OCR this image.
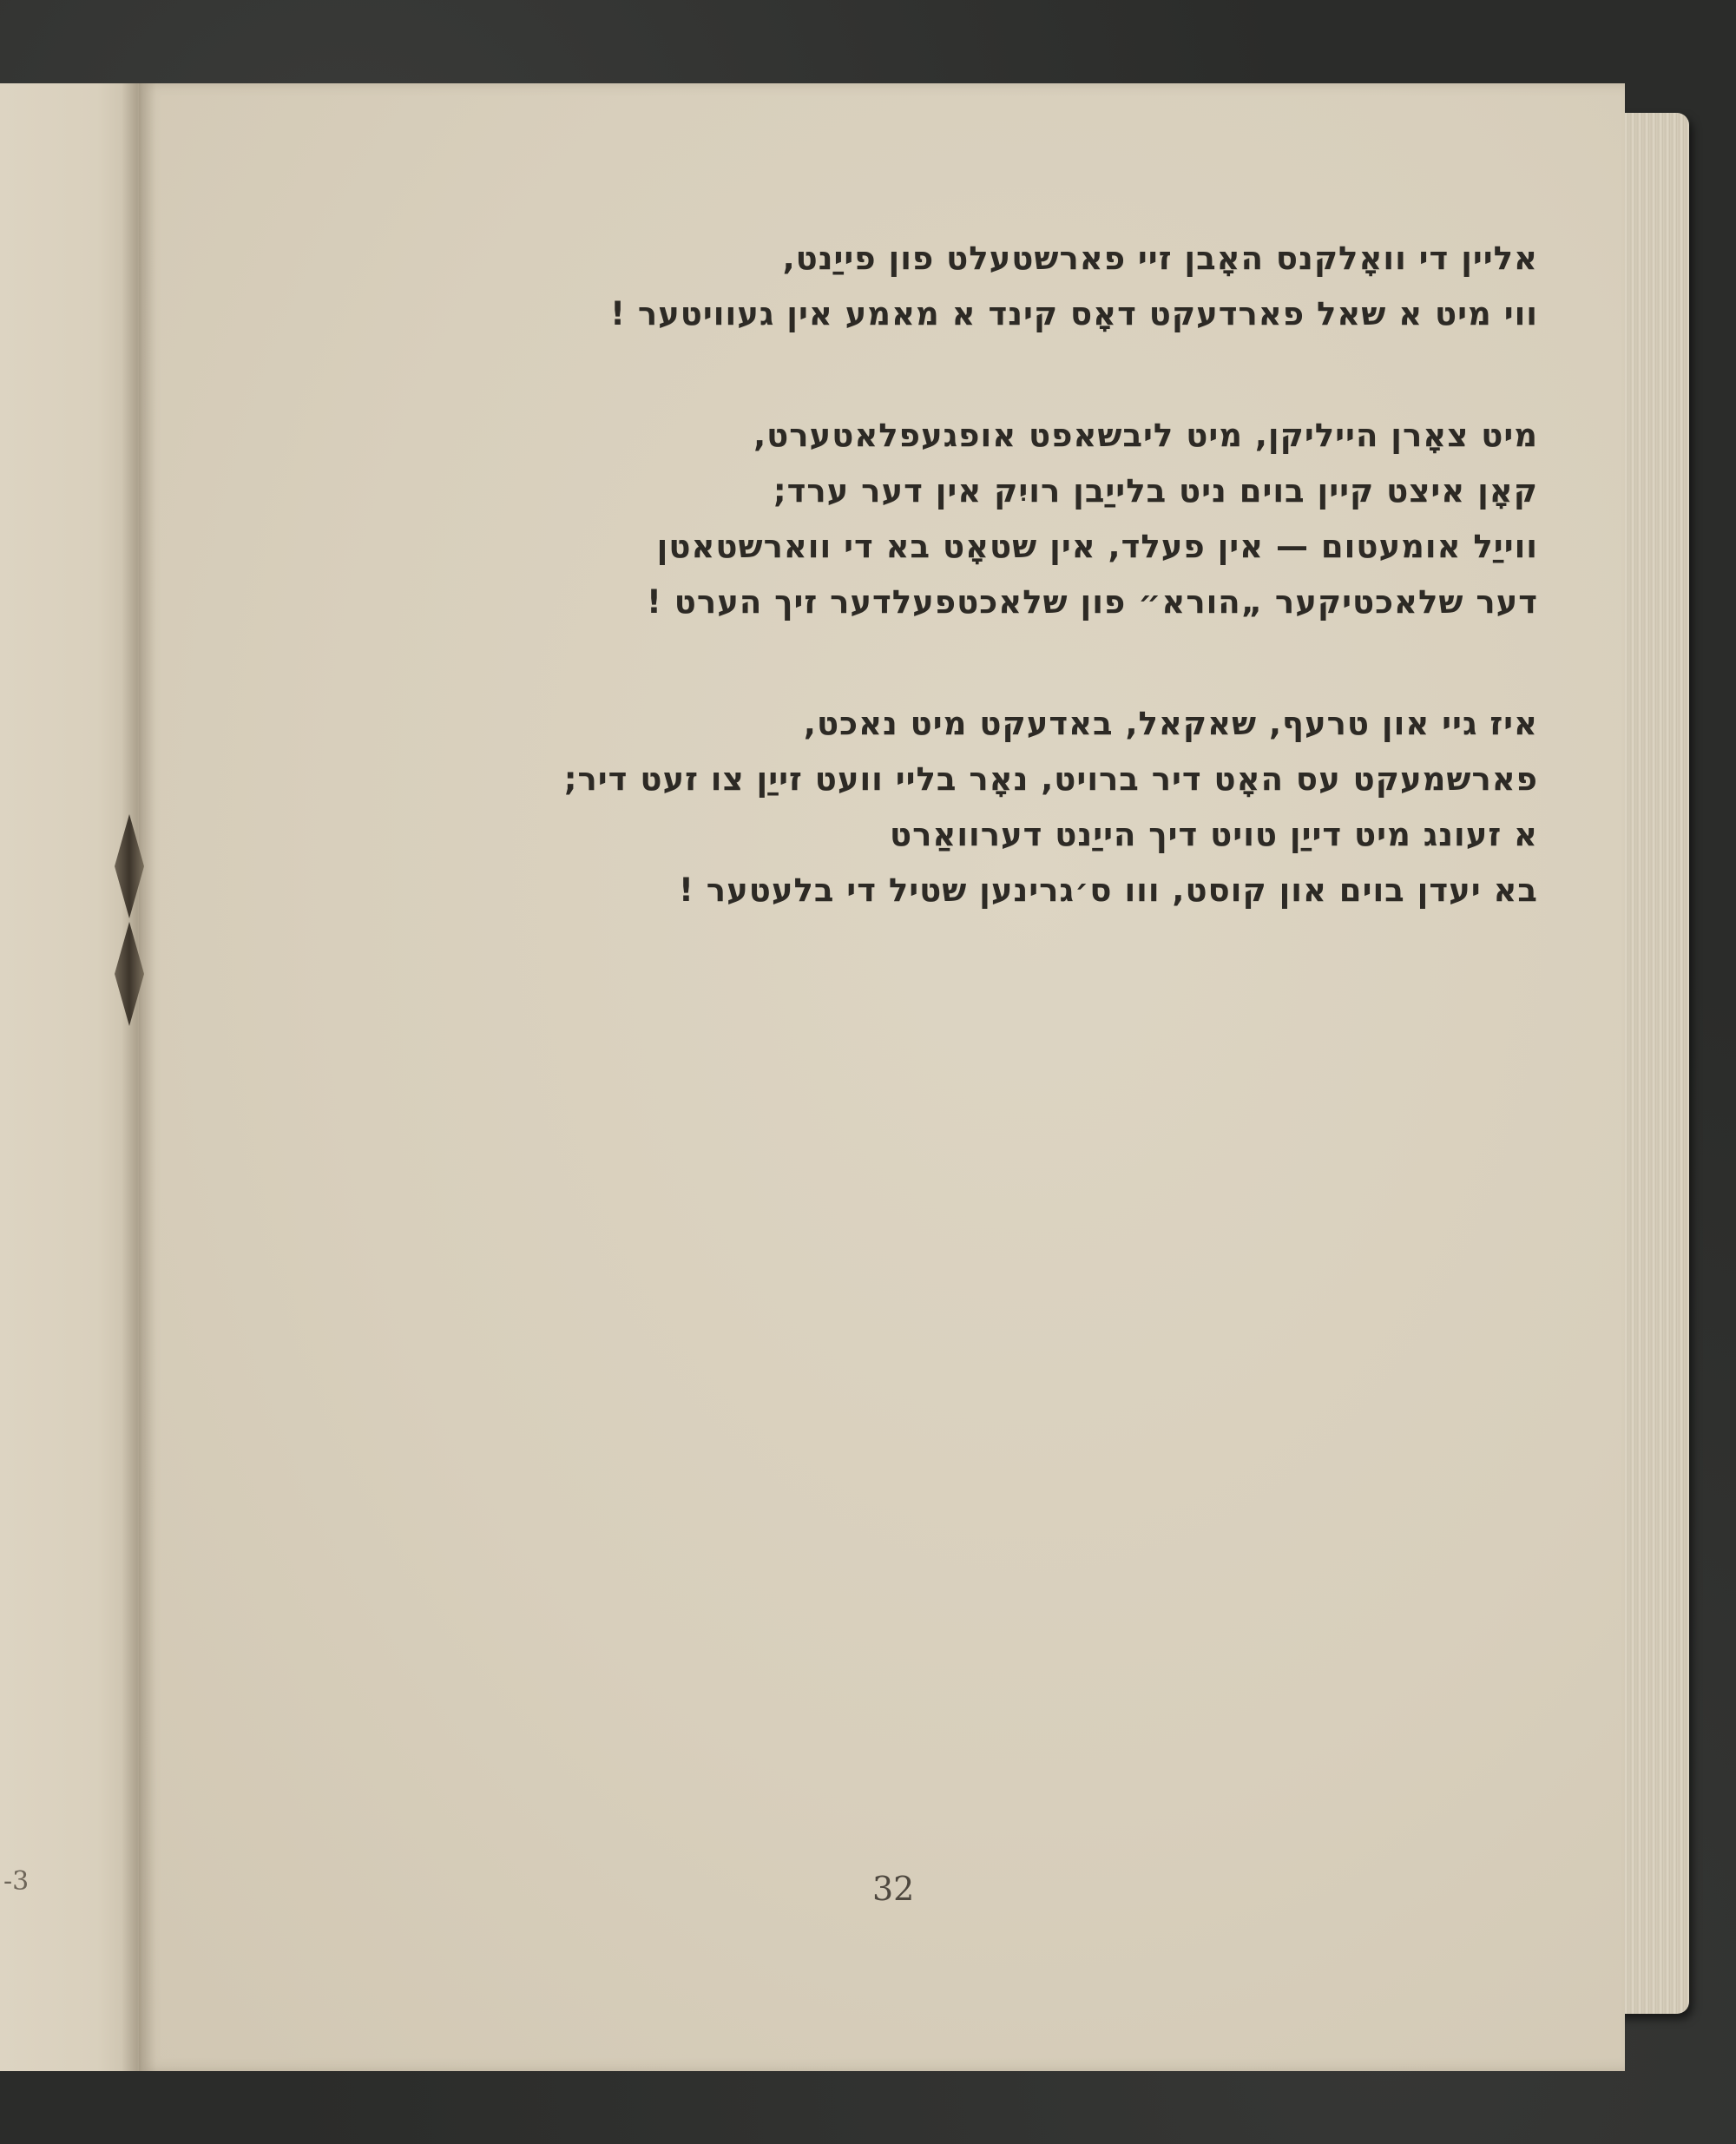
-3
אליין די וואָלקנס האָבן זיי פארשטעלט פון פייַנט,
ווי מיט א שאל פארדעקט דאָס קינד א מאמע אין געוויטער !
מיט צאָרן הייליקן, מיט ליבשאפט אופגעפלאטערט,
קאָן איצט קיין בוים ניט בלייַבן רויִק אין דער ערד;
ווייַל אומעטום — אין פעלד, אין שטאָט בא די ווארשטאטן
דער שלאכטיקער „הורא״ פון שלאכטפעלדער זיך הערט !
איז גיי און טרעף, שאקאל, באדעקט מיט נאכט,
פארשמעקט עס האָט דיר ברויט, נאָר בליי וועט זייַן צו זעט דיר;
א זעונג מיט דייַן טויט דיך הייַנט דערוואַרט
בא יעדן בוים און קוסט, ווו ס׳גרינען שטיל די בלעטער !
32
